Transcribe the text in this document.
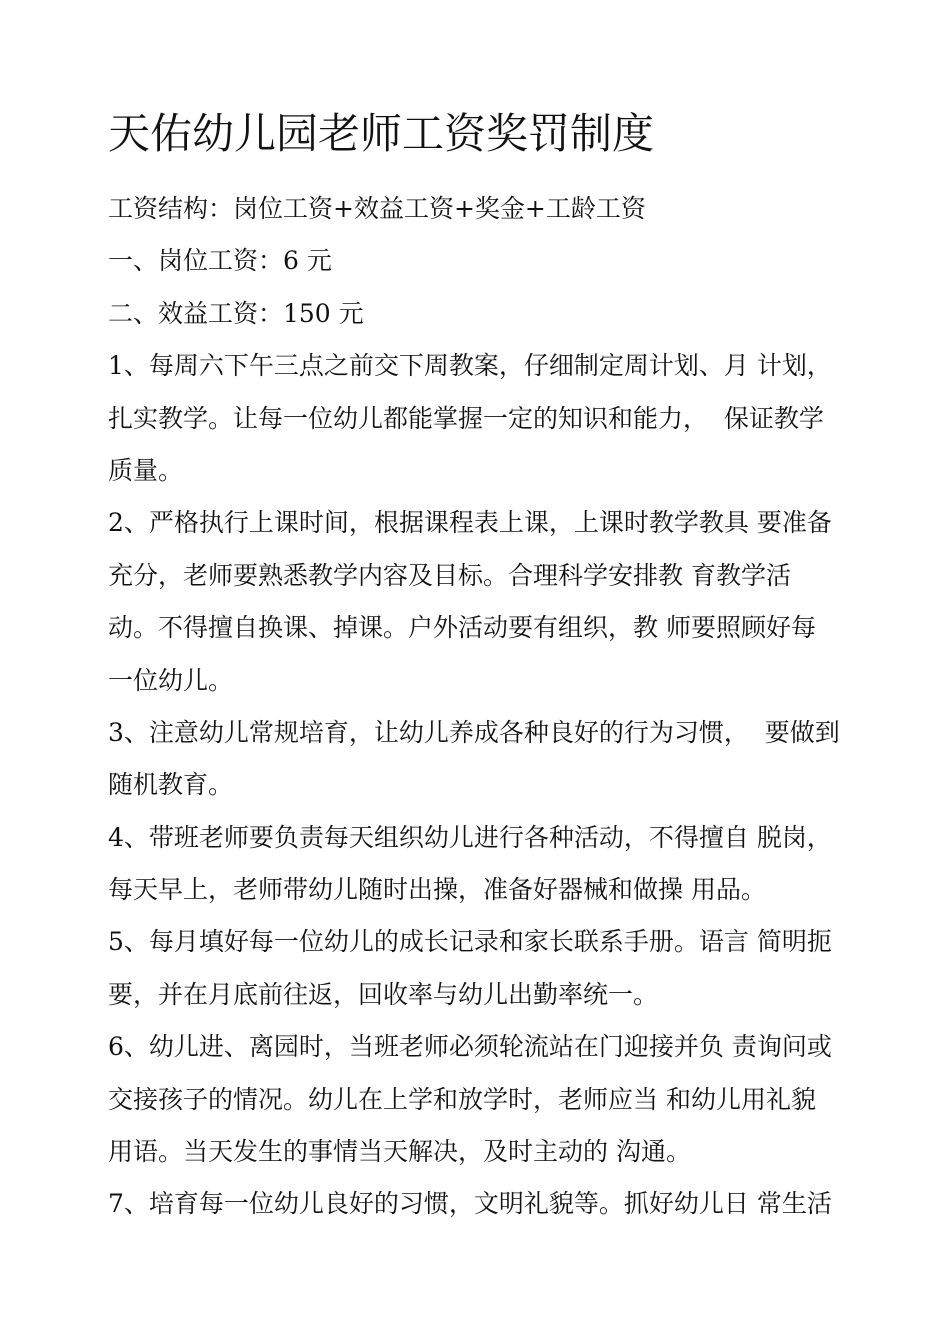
天佑幼儿园老师工资奖罚制度
工资结构：岗位工资+效益工资+奖金+工龄工资
一、岗位工资：6 元
二、效益工资：150 元
1、每周六下午三点之前交下周教案，仔细制定周计划、月 计划，
扎实教学。让每一位幼儿都能掌握一定的知识和能力，  保证教学
质量。
2、严格执行上课时间，根据课程表上课，上课时教学教具 要准备
充分，老师要熟悉教学内容及目标。合理科学安排教 育教学活
动。不得擅自换课、掉课。户外活动要有组织，教 师要照顾好每
一位幼儿。
3、注意幼儿常规培育，让幼儿养成各种良好的行为习惯，  要做到
随机教育。
4、带班老师要负责每天组织幼儿进行各种活动，不得擅自 脱岗，
每天早上，老师带幼儿随时出操，准备好器械和做操 用品。
5、每月填好每一位幼儿的成长记录和家长联系手册。语言 简明扼
要，并在月底前往返，回收率与幼儿出勤率统一。
6、幼儿进、离园时，当班老师必须轮流站在门迎接并负 责询问或
交接孩子的情况。幼儿在上学和放学时，老师应当 和幼儿用礼貌
用语。当天发生的事情当天解决，及时主动的 沟通。
7、培育每一位幼儿良好的习惯，文明礼貌等。抓好幼儿日 常生活
